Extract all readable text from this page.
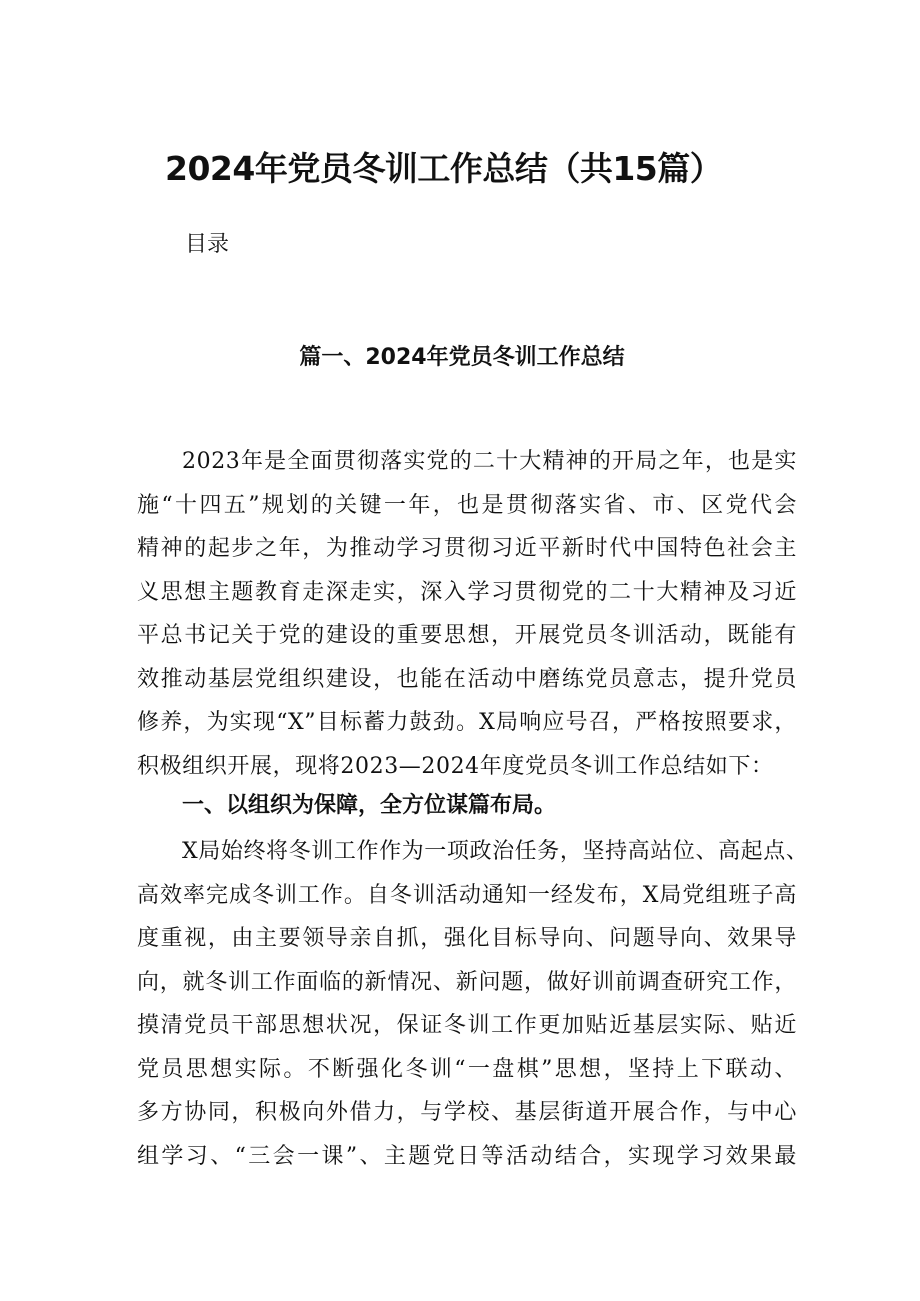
2024年党员冬训工作总结（共15篇）
目录
篇一、2024年党员冬训工作总结
2023年是全面贯彻落实党的二十大精神的开局之年，也是实
施“十四五”规划的关键一年，也是贯彻落实省、市、区党代会
精神的起步之年，为推动学习贯彻习近平新时代中国特色社会主
义思想主题教育走深走实，深入学习贯彻党的二十大精神及习近
平总书记关于党的建设的重要思想，开展党员冬训活动，既能有
效推动基层党组织建设，也能在活动中磨练党员意志，提升党员
修养，为实现“X”目标蓄力鼓劲。X局响应号召，严格按照要求，
积极组织开展，现将2023—2024年度党员冬训工作总结如下：
一、以组织为保障，全方位谋篇布局。
X局始终将冬训工作作为一项政治任务，坚持高站位、高起点、
高效率完成冬训工作。自冬训活动通知一经发布，X局党组班子高
度重视，由主要领导亲自抓，强化目标导向、问题导向、效果导
向，就冬训工作面临的新情况、新问题，做好训前调查研究工作，
摸清党员干部思想状况，保证冬训工作更加贴近基层实际、贴近
党员思想实际。不断强化冬训“一盘棋”思想，坚持上下联动、
多方协同，积极向外借力，与学校、基层街道开展合作，与中心
组学习、“三会一课”、主题党日等活动结合，实现学习效果最
